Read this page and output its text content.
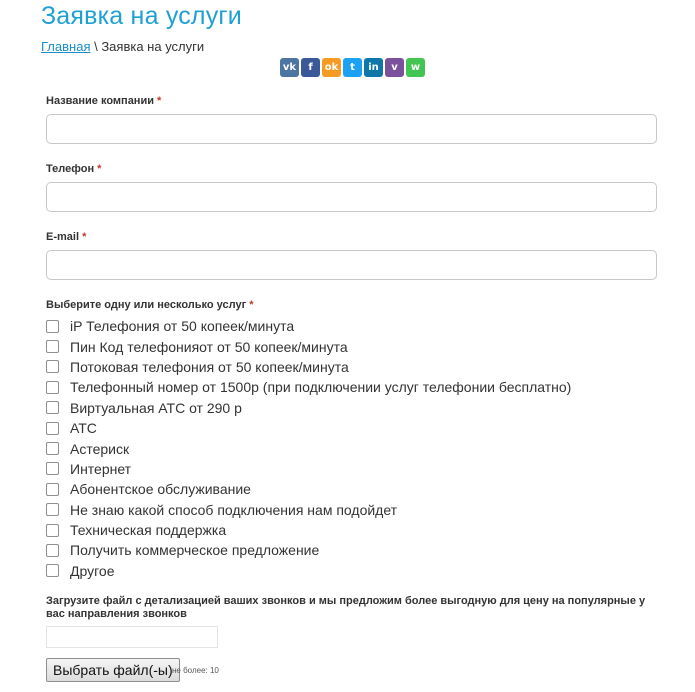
Заявка на услуги
Главная \ Заявка на услуги
vk	f	ok	t	in	v	w
Название компании *
Телефон *
E-mail *
Выберите одну или несколько услуг *
iP Телефония от 50 копеек/минута
Пин Код телефонияот от 50 копеек/минута
Потоковая телефония от 50 копеек/минута
Телефонный номер от 1500р (при подключении услуг телефонии бесплатно)
Виртуальная АТС от 290 р
АТС
Астериск
Интернет
Абонентское обслуживание
Не знаю какой способ подключения нам подойдет
Техническая поддержка
Получить коммерческое предложение
Другое
Загрузите файл с детализацией ваших звонков и мы предложим более выгодную для цену на популярные у вас направления звонков
Выбрать файл(-ы) не более: 10
